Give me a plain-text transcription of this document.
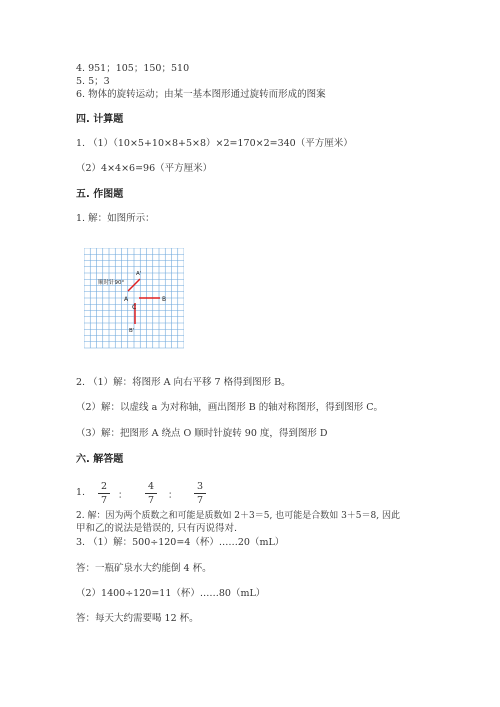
4. 951；105；150；510
5. 5；3
6. 物体的旋转运动；由某一基本图形通过旋转而形成的图案
四. 计算题
1. （1）（10×5+10×8+5×8）×2=170×2=340（平方厘米）
（2）4×4×6=96（平方厘米）
五. 作图题
1. 解：如图所示：
顺时针90°
A'
A
C
B
B'
2. （1）解：将图形 A 向右平移 7 格得到图形 B。
（2）解：以虚线 a 为对称轴，画出图形 B 的轴对称图形，得到图形 C。
（3）解：把图形 A 绕点 O 顺时针旋转 90 度，得到图形 D
六. 解答题
1.
2
7	：
4
7	：
3
7
2. 解：因为两个质数之和可能是质数如 2＋3＝5, 也可能是合数如 3＋5＝8, 因此
甲和乙的说法是错误的, 只有丙说得对.
3. （1）解：500÷120=4（杯）……20（mL）
答：一瓶矿泉水大约能倒 4 杯。
（2）1400÷120=11（杯）……80（mL）
答：每天大约需要喝 12 杯。
